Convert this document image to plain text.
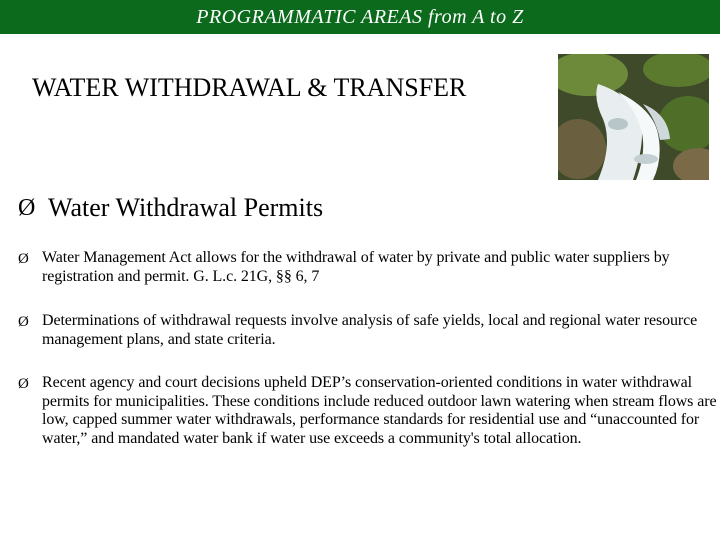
PROGRAMMATIC AREAS from A to Z
WATER WITHDRAWAL & TRANSFER
Ø Water Withdrawal Permits
Ø Water Management Act allows for the withdrawal of water by private and public water suppliers by registration and permit. G. L.c. 21G, §§ 6, 7
Ø Determinations of withdrawal requests involve analysis of safe yields, local and regional water resource management plans, and state criteria.
Ø Recent agency and court decisions upheld DEP’s conservation-oriented conditions in water withdrawal permits for municipalities. These conditions include reduced outdoor lawn watering when stream flows are low, capped summer water withdrawals, performance standards for residential use and “unaccounted for water,” and mandated water bank if water use exceeds a community's total allocation.
